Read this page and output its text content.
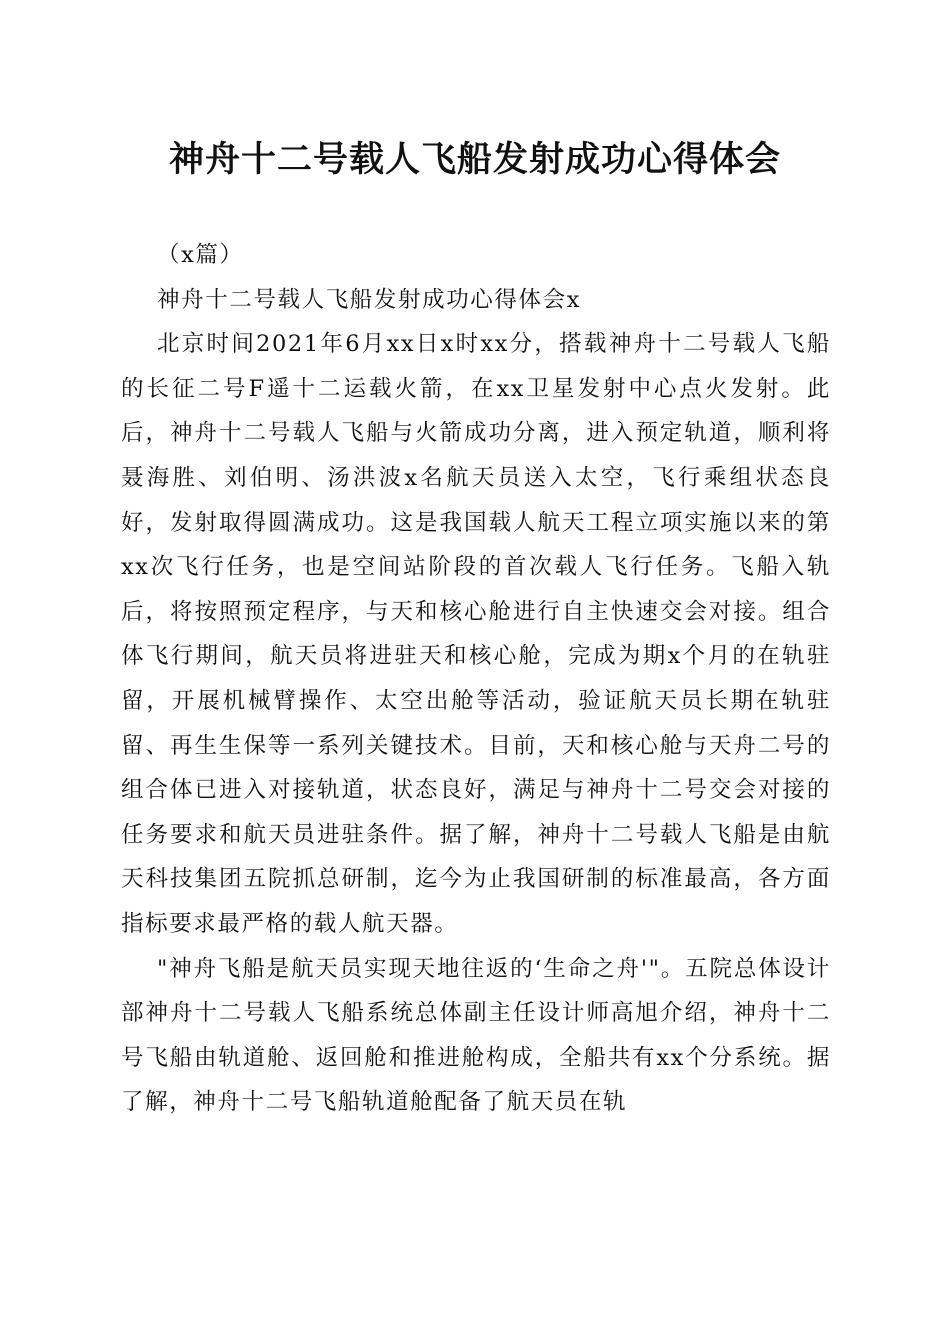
神舟十二号载人飞船发射成功心得体会

（x篇）

神舟十二号载人飞船发射成功心得体会x

北京时间2021年6月xx日x时xx分，搭载神舟十二号载人飞船的长征二号F遥十二运载火箭，在xx卫星发射中心点火发射。此后，神舟十二号载人飞船与火箭成功分离，进入预定轨道，顺利将聂海胜、刘伯明、汤洪波x名航天员送入太空，飞行乘组状态良好，发射取得圆满成功。这是我国载人航天工程立项实施以来的第xx次飞行任务，也是空间站阶段的首次载人飞行任务。飞船入轨后，将按照预定程序，与天和核心舱进行自主快速交会对接。组合体飞行期间，航天员将进驻天和核心舱，完成为期x个月的在轨驻留，开展机械臂操作、太空出舱等活动，验证航天员长期在轨驻留、再生生保等一系列关键技术。目前，天和核心舱与天舟二号的组合体已进入对接轨道，状态良好，满足与神舟十二号交会对接的任务要求和航天员进驻条件。据了解，神舟十二号载人飞船是由航天科技集团五院抓总研制，迄今为止我国研制的标准最高，各方面指标要求最严格的载人航天器。

"神舟飞船是航天员实现天地往返的‘生命之舟'"。五院总体设计部神舟十二号载人飞船系统总体副主任设计师高旭介绍，神舟十二号飞船由轨道舱、返回舱和推进舱构成，全船共有xx个分系统。据了解，神舟十二号飞船轨道舱配备了航天员在轨
